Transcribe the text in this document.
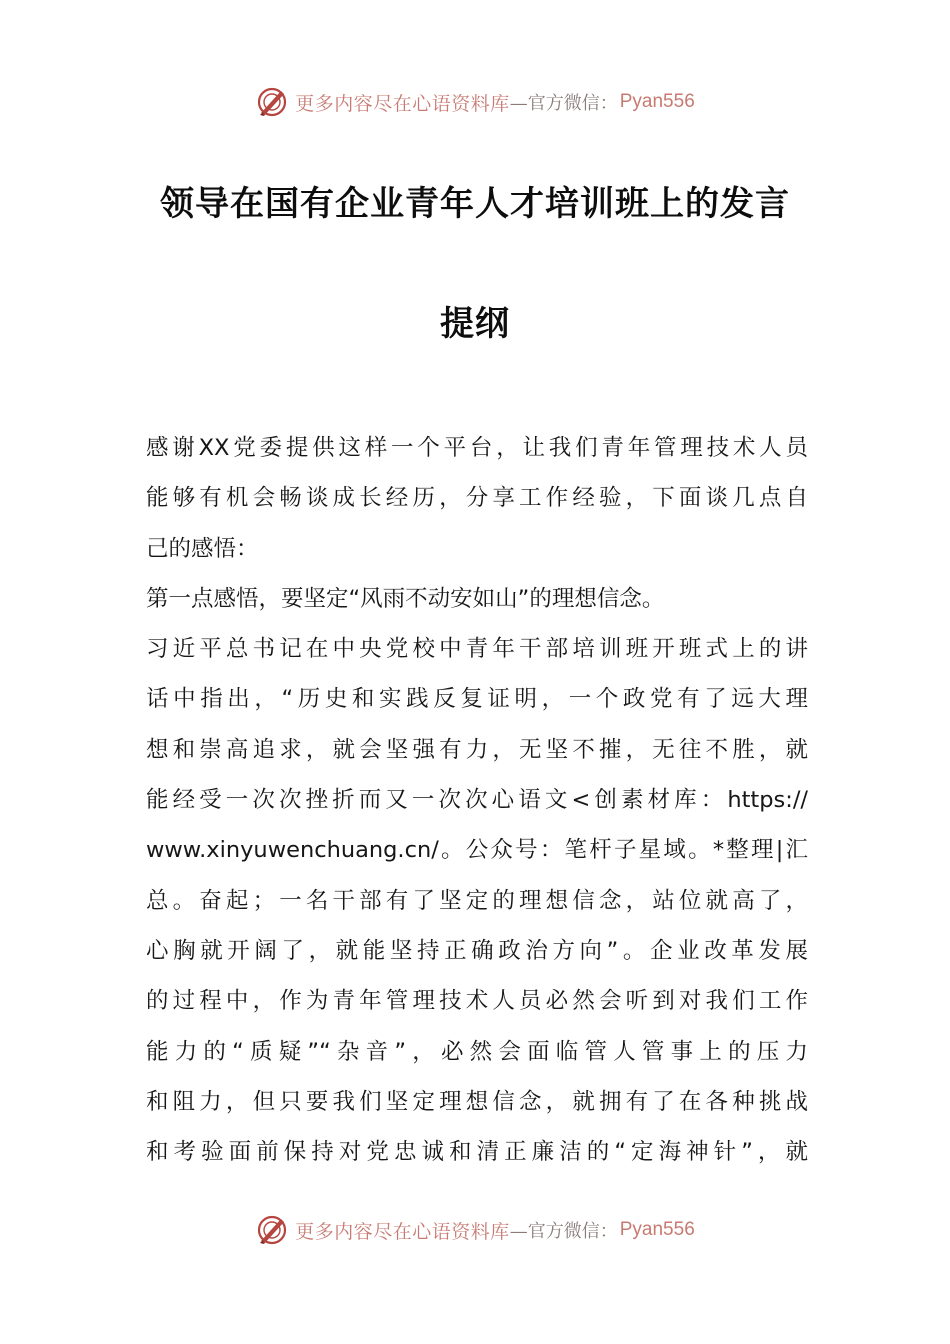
更多内容尽在心语资料库 —官方微信： Pyan556
领导在国有企业青年人才培训班上的发言
提纲
感谢XX党委提供这样一个平台，让我们青年管理技术人员
能够有机会畅谈成长经历，分享工作经验，下面谈几点自
己的感悟：
第一点感悟，要坚定“风雨不动安如山”的理想信念。
习近平总书记在中央党校中青年干部培训班开班式上的讲
话中指出，“历史和实践反复证明，一个政党有了远大理
想和崇高追求，就会坚强有力，无坚不摧，无往不胜，就
能经受一次次挫折而又一次次心语文<创素材库：https://
www.xinyuwenchuang.cn/。公众号：笔杆子星域。*整理|汇
总。奋起；一名干部有了坚定的理想信念，站位就高了，
心胸就开阔了，就能坚持正确政治方向”。企业改革发展
的过程中，作为青年管理技术人员必然会听到对我们工作
能力的“质疑”“杂音”，必然会面临管人管事上的压力
和阻力，但只要我们坚定理想信念，就拥有了在各种挑战
和考验面前保持对党忠诚和清正廉洁的“定海神针”，就
更多内容尽在心语资料库 —官方微信： Pyan556
